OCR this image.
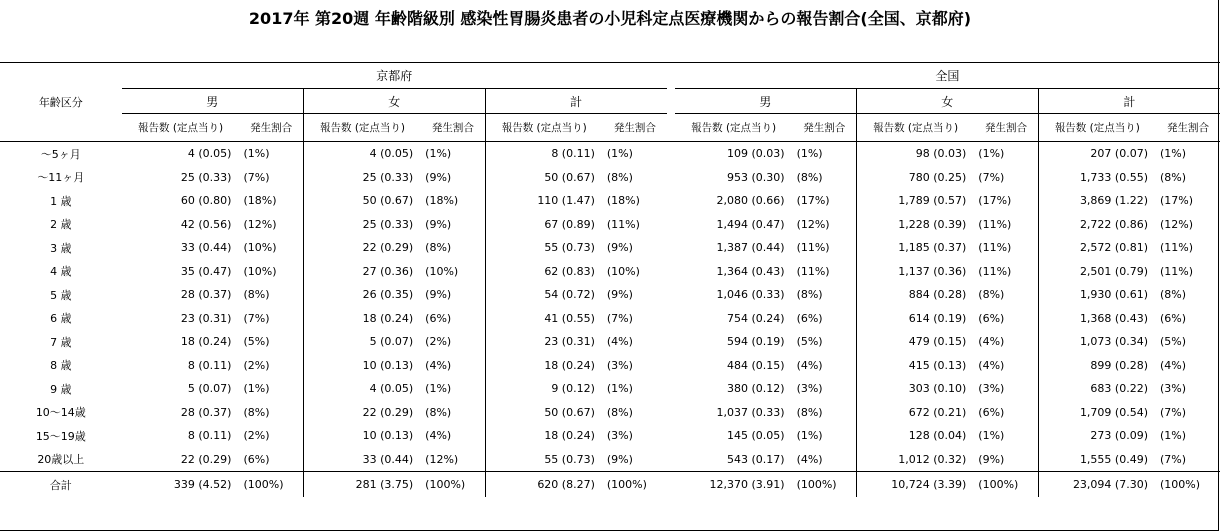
2017年 第20週 年齢階級別 感染性胃腸炎患者の小児科定点医療機関からの報告割合(全国、京都府)
年齢区分	京都府							全国					
	男		女		計			男		女		計	
	報告数 (定点当り)	発生割合	報告数 (定点当り)	発生割合	報告数 (定点当り)	発生割合		報告数 (定点当り)	発生割合	報告数 (定点当り)	発生割合	報告数 (定点当り)	発生割合
〜5ヶ月	4 (0.05)	(1%)	4 (0.05)	(1%)	8 (0.11)	(1%)		109 (0.03)	(1%)	98 (0.03)	(1%)	207 (0.07)	(1%)
〜11ヶ月	25 (0.33)	(7%)	25 (0.33)	(9%)	50 (0.67)	(8%)		953 (0.30)	(8%)	780 (0.25)	(7%)	1,733 (0.55)	(8%)
1 歳	60 (0.80)	(18%)	50 (0.67)	(18%)	110 (1.47)	(18%)		2,080 (0.66)	(17%)	1,789 (0.57)	(17%)	3,869 (1.22)	(17%)
2 歳	42 (0.56)	(12%)	25 (0.33)	(9%)	67 (0.89)	(11%)		1,494 (0.47)	(12%)	1,228 (0.39)	(11%)	2,722 (0.86)	(12%)
3 歳	33 (0.44)	(10%)	22 (0.29)	(8%)	55 (0.73)	(9%)		1,387 (0.44)	(11%)	1,185 (0.37)	(11%)	2,572 (0.81)	(11%)
4 歳	35 (0.47)	(10%)	27 (0.36)	(10%)	62 (0.83)	(10%)		1,364 (0.43)	(11%)	1,137 (0.36)	(11%)	2,501 (0.79)	(11%)
5 歳	28 (0.37)	(8%)	26 (0.35)	(9%)	54 (0.72)	(9%)		1,046 (0.33)	(8%)	884 (0.28)	(8%)	1,930 (0.61)	(8%)
6 歳	23 (0.31)	(7%)	18 (0.24)	(6%)	41 (0.55)	(7%)		754 (0.24)	(6%)	614 (0.19)	(6%)	1,368 (0.43)	(6%)
7 歳	18 (0.24)	(5%)	5 (0.07)	(2%)	23 (0.31)	(4%)		594 (0.19)	(5%)	479 (0.15)	(4%)	1,073 (0.34)	(5%)
8 歳	8 (0.11)	(2%)	10 (0.13)	(4%)	18 (0.24)	(3%)		484 (0.15)	(4%)	415 (0.13)	(4%)	899 (0.28)	(4%)
9 歳	5 (0.07)	(1%)	4 (0.05)	(1%)	9 (0.12)	(1%)		380 (0.12)	(3%)	303 (0.10)	(3%)	683 (0.22)	(3%)
10〜14歳	28 (0.37)	(8%)	22 (0.29)	(8%)	50 (0.67)	(8%)		1,037 (0.33)	(8%)	672 (0.21)	(6%)	1,709 (0.54)	(7%)
15〜19歳	8 (0.11)	(2%)	10 (0.13)	(4%)	18 (0.24)	(3%)		145 (0.05)	(1%)	128 (0.04)	(1%)	273 (0.09)	(1%)
20歳以上	22 (0.29)	(6%)	33 (0.44)	(12%)	55 (0.73)	(9%)		543 (0.17)	(4%)	1,012 (0.32)	(9%)	1,555 (0.49)	(7%)
合計	339 (4.52)	(100%)	281 (3.75)	(100%)	620 (8.27)	(100%)		12,370 (3.91)	(100%)	10,724 (3.39)	(100%)	23,094 (7.30)	(100%)
